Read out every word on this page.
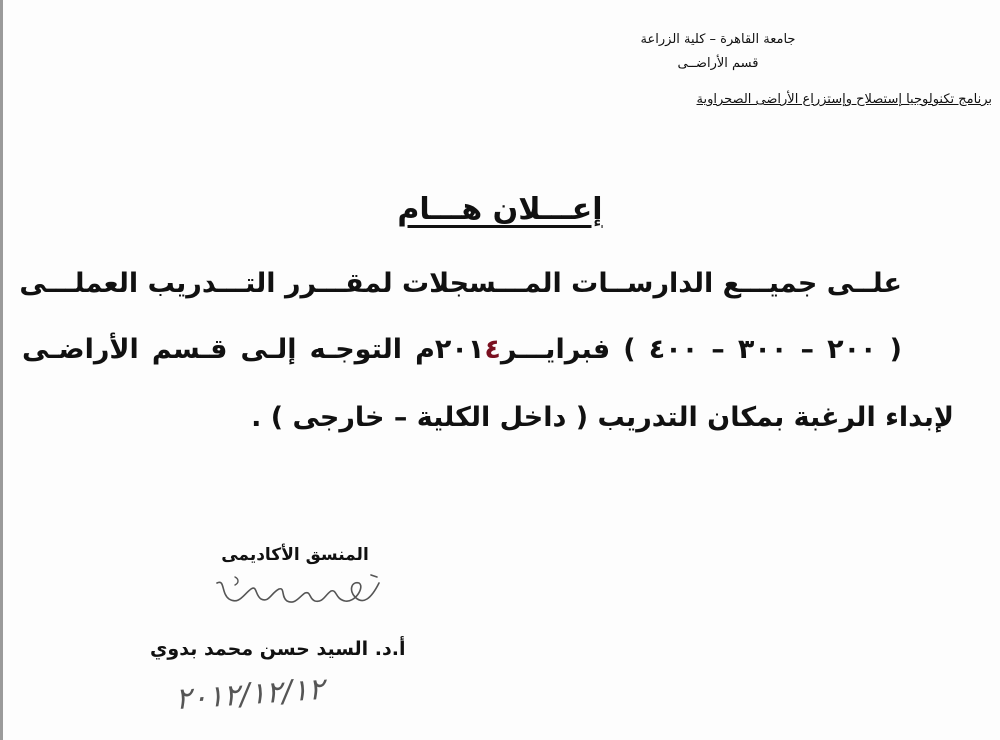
جامعة القاهرة – كلية الزراعة
قسم الأراضــى
برنامج تكنولوجيا إستصلاح وإستزراع الأراضى الصحراوية
إعـــلان هـــام
علــى جميـــع الدارســات المـــسجلات لمقـــرر التـــدريب العملـــى
( ٢٠٠ – ٣٠٠ – ٤٠٠ ) فبرايـــر٢٠١٤م التوجـه إلـى قـسم الأراضـى
لإبداء الرغبة بمكان التدريب ( داخل الكلية – خارجى ) .
المنسق الأكاديمى
أ.د. السيد حسن محمد بدوي
٢٠١٢/١٢/١٢
